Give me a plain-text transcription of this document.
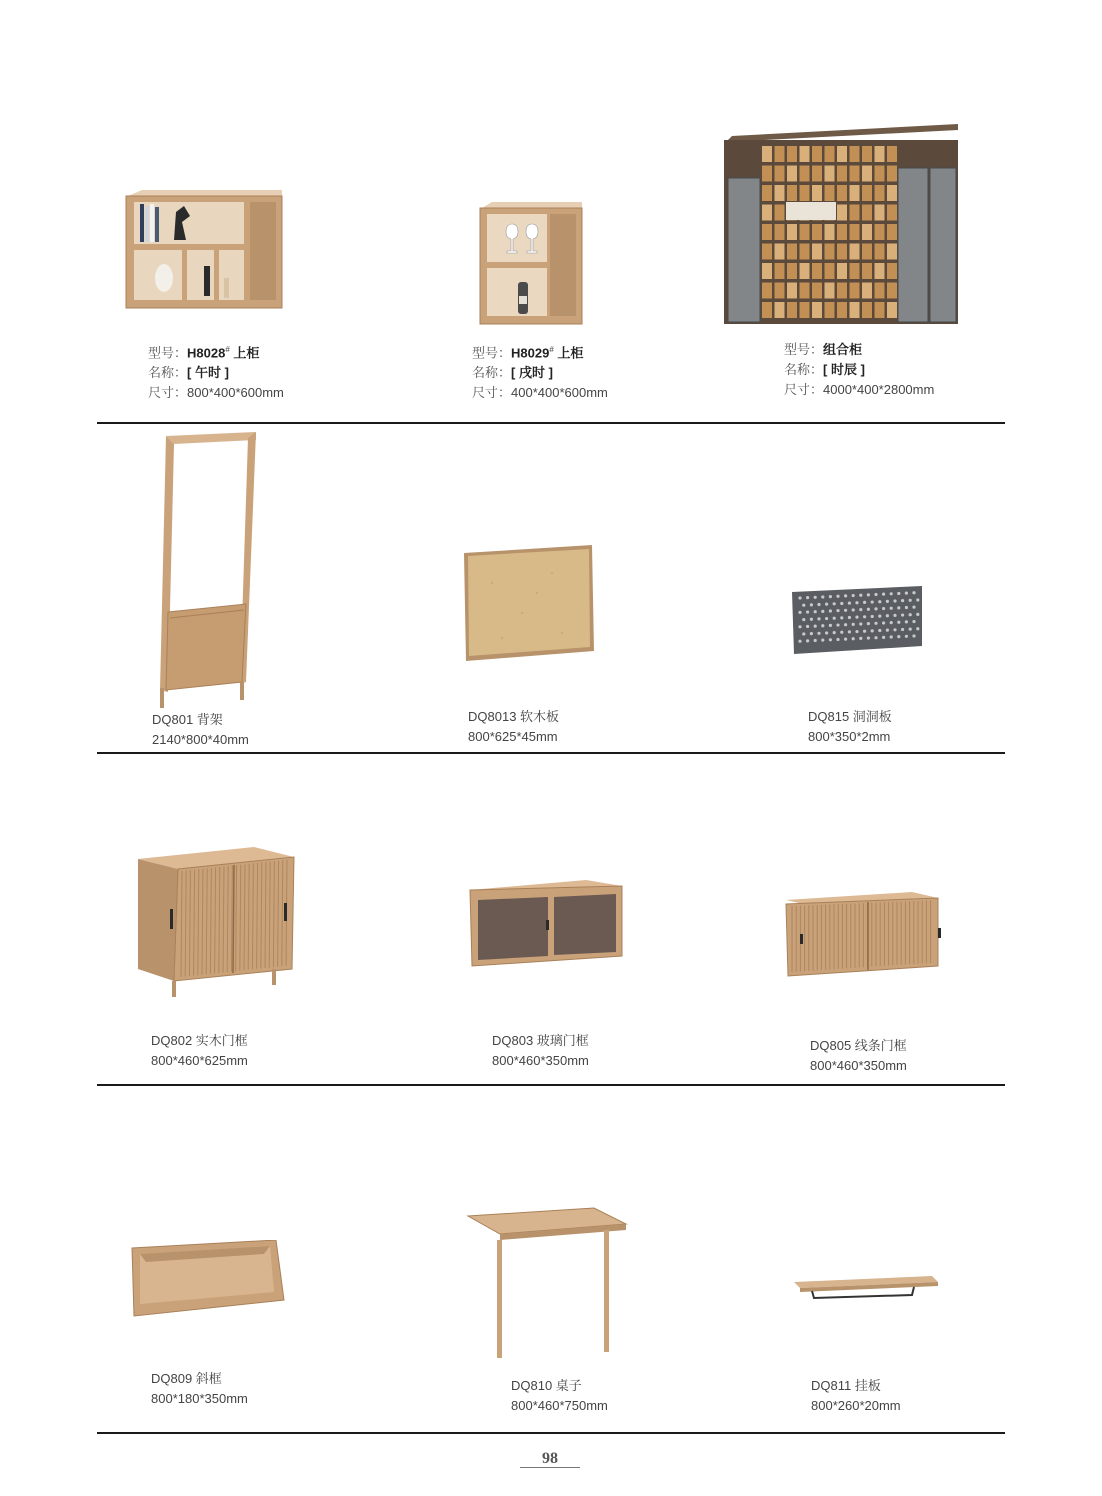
型号：H8028# 上柜
名称：[ 午时 ]
尺寸：800*400*600mm
型号：H8029# 上柜
名称：[ 戌时 ]
尺寸：400*400*600mm
型号：组合柜
名称：[ 时辰 ]
尺寸：4000*400*2800mm
DQ801 背架
2140*800*40mm
DQ8013 软木板
800*625*45mm
DQ815 洞洞板
800*350*2mm
DQ802 实木门框
800*460*625mm
DQ803 玻璃门框
800*460*350mm
DQ805 线条门框
800*460*350mm
DQ809 斜框
800*180*350mm
DQ810 桌子
800*460*750mm
DQ811 挂板
800*260*20mm
98
